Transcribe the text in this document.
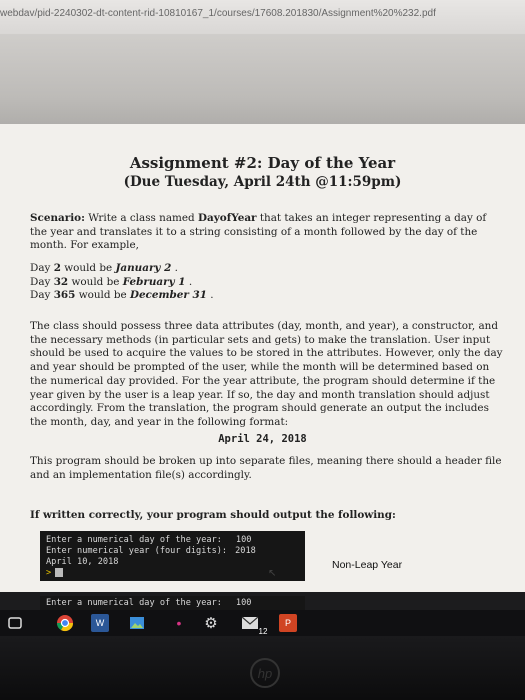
webdav/pid-2240302-dt-content-rid-10810167_1/courses/17608.201830/Assignment%20%232.pdf
Assignment #2: Day of the Year
(Due Tuesday, April 24th @11:59pm)
Scenario: Write a class named DayofYear that takes an integer representing a day of the year and translates it to a string consisting of a month followed by the day of the month. For example,
Day 2 would be January 2 .
Day 32 would be February 1 .
Day 365 would be December 31 .
The class should possess three data attributes (day, month, and year), a constructor, and the necessary methods (in particular sets and gets) to make the translation. User input should be used to acquire the values to be stored in the attributes. However, only the day and year should be prompted of the user, while the month will be determined based on the numerical day provided. For the year attribute, the program should determine if the year given by the user is a leap year. If so, the day and month translation should adjust accordingly. From the translation, the program should generate an output the includes the month, day, and year in the following format:
April 24, 2018
This program should be broken up into separate files, meaning there should a header file and an implementation file(s) accordingly.
If written correctly, your program should output the following:
Enter a numerical day of the year: 100
Enter numerical year (four digits): 2018
April 10, 2018
>
Non-Leap Year
↖
Enter a numerical day of the year: 100
W	•	⚙	12
P
hp
